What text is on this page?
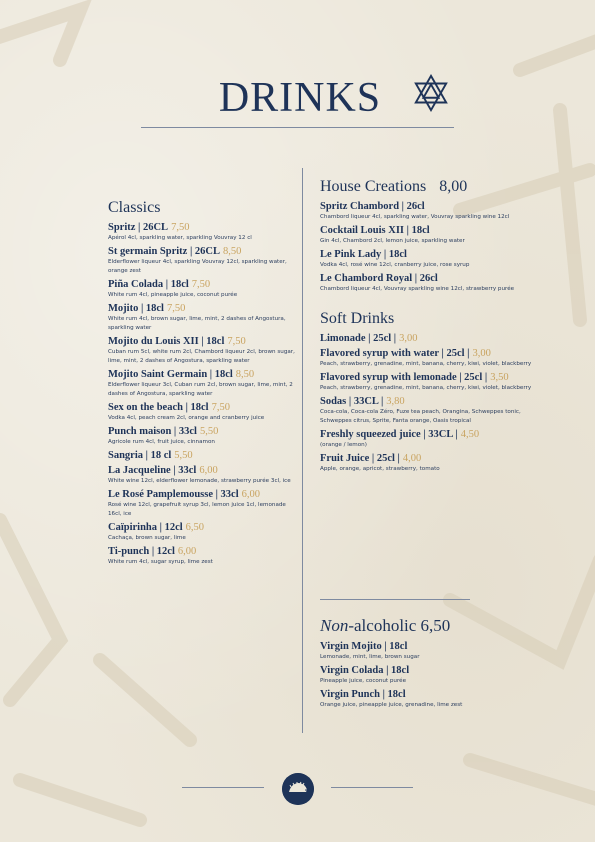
DRINKS
Classics
Spritz | 26CL 7,50
Apérol 4cl, sparkling water, sparkling Vouvray 12 cl
St germain Spritz | 26CL 8,50
Elderflower liqueur 4cl, sparkling Vouvray 12cl, sparkling water, orange zest
Piña Colada | 18cl 7,50
White rum 4cl, pineapple juice, coconut purée
Mojito | 18cl 7,50
White rum 4cl, brown sugar, lime, mint, 2 dashes of Angostura, sparkling water
Mojito du Louis XII | 18cl 7,50
Cuban rum 5cl, white rum 2cl, Chambord liqueur 2cl, brown sugar, lime, mint, 2 dashes of Angostura, sparkling water
Mojito Saint Germain | 18cl 8,50
Elderflower liqueur 3cl, Cuban rum 2cl, brown sugar, lime, mint, 2 dashes of Angostura, sparkling water
Sex on the beach | 18cl 7,50
Vodka 4cl, peach cream 2cl, orange and cranberry juice
Punch maison | 33cl 5,50
Agricole rum 4cl, fruit juice, cinnamon
Sangria | 18 cl 5,50
La Jacqueline | 33cl 6,00
White wine 12cl, elderflower lemonade, strawberry purée 3cl, ice
Le Rosé Pamplemousse | 33cl 6,00
Rosé wine 12cl, grapefruit syrup 3cl, lemon juice 1cl, lemonade 16cl, ice
Caïpirinha | 12cl 6,50
Cachaça, brown sugar, lime
Ti-punch | 12cl 6,00
White rum 4cl, sugar syrup, lime zest
House Creations 8,00
Spritz Chambord | 26cl
Chambord liqueur 4cl, sparkling water, Vouvray sparkling wine 12cl
Cocktail Louis XII | 18cl
Gin 4cl, Chambord 2cl, lemon juice, sparkling water
Le Pink Lady | 18cl
Vodka 4cl, rosé wine 12cl, cranberry juice, rose syrup
Le Chambord Royal | 26cl
Chambord liqueur 4cl, Vouvray sparkling wine 12cl, strawberry purée
Soft Drinks
Limonade | 25cl | 3,00
Flavored syrup with water | 25cl | 3,00
Peach, strawberry, grenadine, mint, banana, cherry, kiwi, violet, blackberry
Flavored syrup with lemonade | 25cl | 3,50
Peach, strawberry, grenadine, mint, banana, cherry, kiwi, violet, blackberry
Sodas | 33CL | 3,80
Coca-cola, Coca-cola Zéro, Fuze tea peach, Orangina, Schweppes tonic, Schweppes citrus, Sprite, Fanta orange, Oasis tropical
Freshly squeezed juice | 33CL | 4,50
(orange / lemon)
Fruit Juice | 25cl | 4,00
Apple, orange, apricot, strawberry, tomato
Non-alcoholic 6,50
Virgin Mojito | 18cl
Lemonade, mint, lime, brown sugar
Virgin Colada | 18cl
Pineapple juice, coconut purée
Virgin Punch | 18cl
Orange juice, pineapple juice, grenadine, lime zest
